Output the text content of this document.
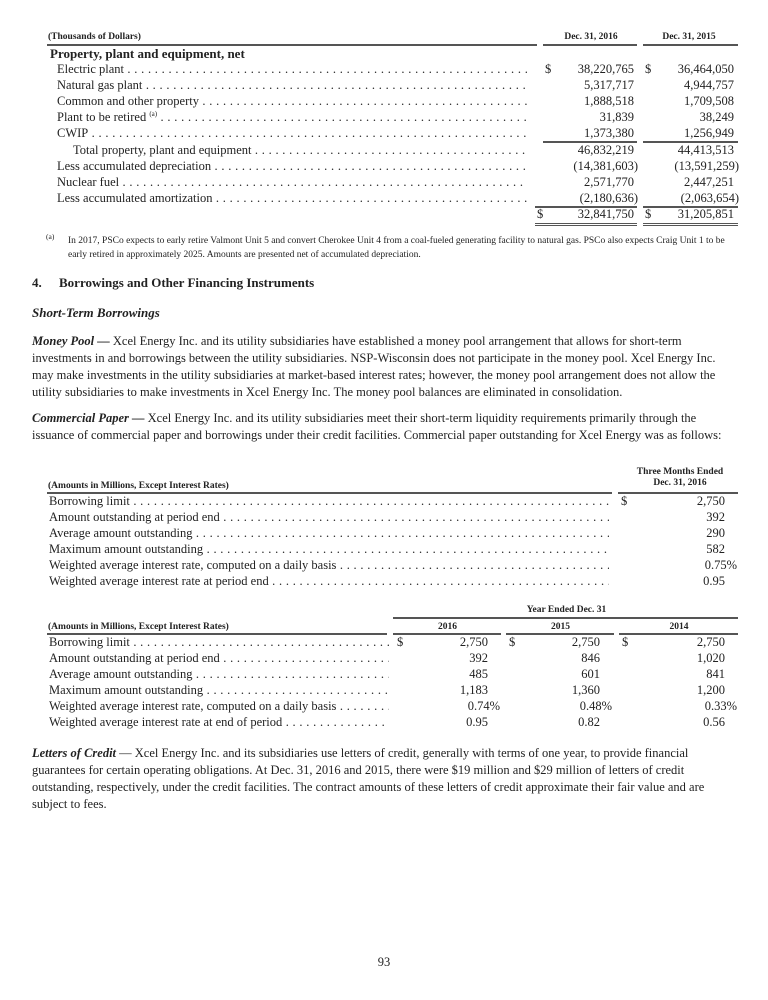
(Thousands of Dollars)	Dec. 31, 2016	Dec. 31, 2015
Property, plant and equipment, net
Electric plant . . .	$	38,220,765 $	36,464,050
Natural gas plant . . .	5,317,717	4,944,757
Common and other property . . .	1,888,518	1,709,508
Plant to be retired $^{(a)}$ . . .	31,839	38,249
CWIP . . .	1,373,380	1,256,949
Total property, plant and equipment . . .	46,832,219	44,413,513
Less accumulated depreciation . . .	(14,381,603)	(13,591,259)
Nuclear fuel . . .	2,571,770	2,447,251
Less accumulated amortization . . .	(2,180,636)	(2,063,654)
$	32,841,750 $	31,205,851
(a) In 2017, PSCo expects to early retire Valmont Unit 5 and convert Cherokee Unit 4 from a coal-fueled generating facility to natural gas. PSCo also expects Craig Unit 1 to be early retired in approximately 2025. Amounts are presented net of accumulated depreciation.
4. Borrowings and Other Financing Instruments
Short-Term Borrowings
Money Pool — Xcel Energy Inc. and its utility subsidiaries have established a money pool arrangement that allows for short-term investments in and borrowings between the utility subsidiaries. NSP-Wisconsin does not participate in the money pool. Xcel Energy Inc. may make investments in the utility subsidiaries at market-based interest rates; however, the money pool arrangement does not allow the utility subsidiaries to make investments in Xcel Energy Inc. The money pool balances are eliminated in consolidation.
Commercial Paper — Xcel Energy Inc. and its utility subsidiaries meet their short-term liquidity requirements primarily through the issuance of commercial paper and borrowings under their credit facilities. Commercial paper outstanding for Xcel Energy was as follows:
(Amounts in Millions, Except Interest Rates)
Three Months Ended
Dec. 31, 2016
Borrowing limit . . .	$	2,750
Amount outstanding at period end . . .	392
Average amount outstanding . . .	290
Maximum amount outstanding . . .	582
Weighted average interest rate, computed on a daily basis . . .	0.75%
Weighted average interest rate at period end . . .	0.95
Year Ended Dec. 31
(Amounts in Millions, Except Interest Rates)	2016	2015	2014
Borrowing limit . . .	$	2,750 $	2,750 $	2,750
Amount outstanding at period end . . .	392	846	1,020
Average amount outstanding . . .	485	601	841
Maximum amount outstanding . . .	1,183	1,360	1,200
Weighted average interest rate, computed on a daily basis . . .	0.74%	0.48%	0.33%
Weighted average interest rate at end of period . . .	0.95	0.82	0.56
Letters of Credit — Xcel Energy Inc. and its subsidiaries use letters of credit, generally with terms of one year, to provide financial guarantees for certain operating obligations. At Dec. 31, 2016 and 2015, there were $19 million and $29 million of letters of credit outstanding, respectively, under the credit facilities. The contract amounts of these letters of credit approximate their fair value and are subject to fees.
93
